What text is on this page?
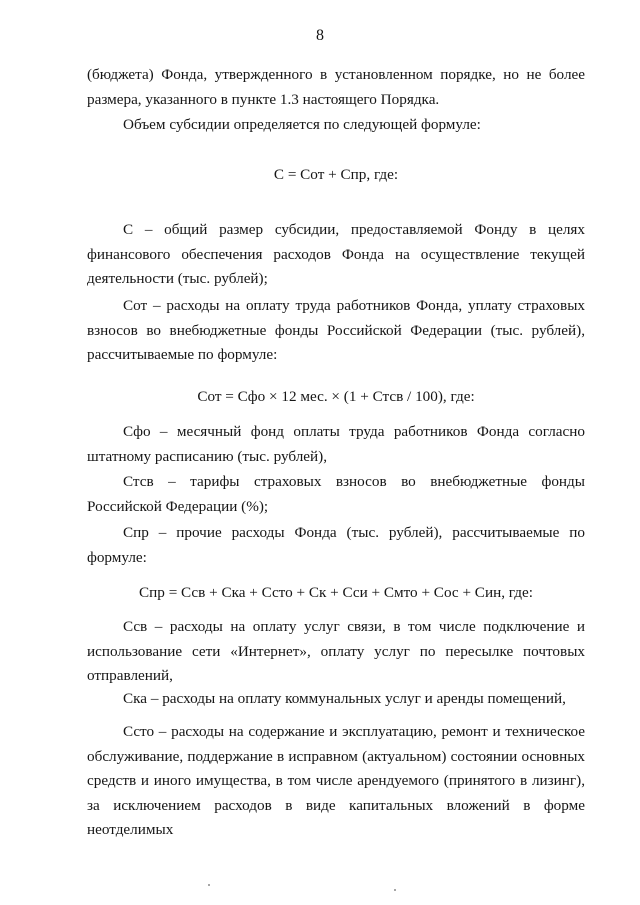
8

(бюджета) Фонда, утвержденного в установленном порядке, но не более размера, указанного в пункте 1.3 настоящего Порядка.

Объем субсидии определяется по следующей формуле:

С = Сот + Спр, где:

С – общий размер субсидии, предоставляемой Фонду в целях финансового обеспечения расходов Фонда на осуществление текущей деятельности (тыс. рублей);

Сот – расходы на оплату труда работников Фонда, уплату страховых взносов во внебюджетные фонды Российской Федерации (тыс. рублей), рассчитываемые по формуле:

Сот = Сфо × 12 мес. × (1 + Стсв / 100), где:

Сфо – месячный фонд оплаты труда работников Фонда согласно штатному расписанию (тыс. рублей),

Стсв – тарифы страховых взносов во внебюджетные фонды Российской Федерации (%);

Спр – прочие расходы Фонда (тыс. рублей), рассчитываемые по формуле:

Спр = Ссв + Ска + Ссто + Ск + Сси + Смто + Сос + Син, где:

Ссв – расходы на оплату услуг связи, в том числе подключение и использование сети «Интернет», оплату услуг по пересылке почтовых отправлений,

Ска – расходы на оплату коммунальных услуг и аренды помещений,

Ссто – расходы на содержание и эксплуатацию, ремонт и техническое обслуживание, поддержание в исправном (актуальном) состоянии основных средств и иного имущества, в том числе арендуемого (принятого в лизинг), за исключением расходов в виде капитальных вложений в форме неотделимых
